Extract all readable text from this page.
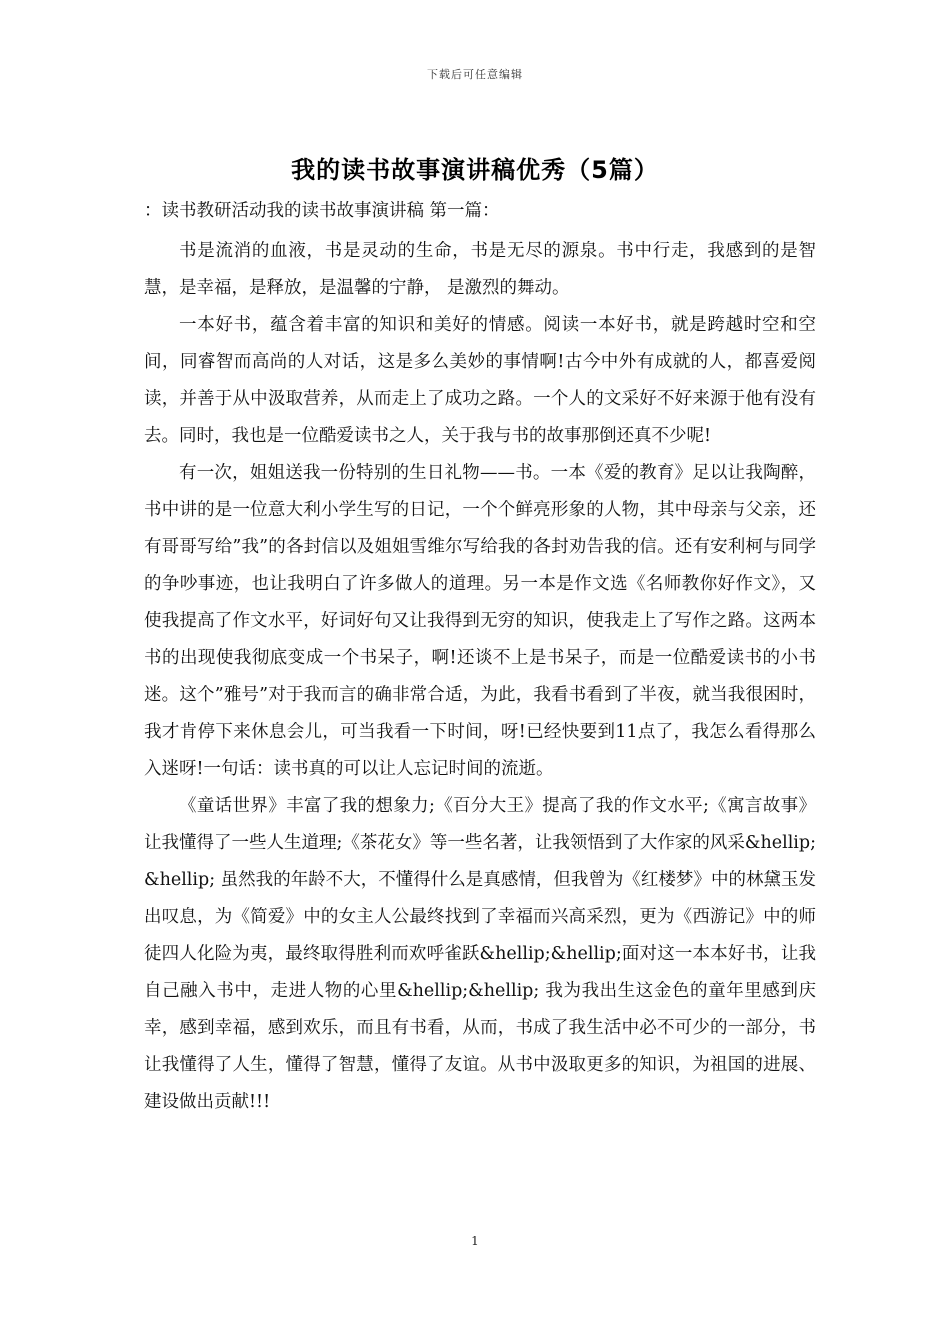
下载后可任意编辑
我的读书故事演讲稿优秀（5篇）

：读书教研活动我的读书故事演讲稿 第一篇：

书是流消的血液，书是灵动的生命，书是无尽的源泉。书中行走，我感到的是智慧，是幸福，是释放，是温馨的宁静， 是激烈的舞动。

一本好书，蕴含着丰富的知识和美好的情感。阅读一本好书，就是跨越时空和空间，同睿智而高尚的人对话，这是多么美妙的事情啊!古今中外有成就的人，都喜爱阅读，并善于从中汲取营养，从而走上了成功之路。一个人的文采好不好来源于他有没有去。同时，我也是一位酷爱读书之人，关于我与书的故事那倒还真不少呢!

有一次，姐姐送我一份特别的生日礼物——书。一本《爱的教育》足以让我陶醉，书中讲的是一位意大利小学生写的日记，一个个鲜亮形象的人物，其中母亲与父亲，还有哥哥写给”我”的各封信以及姐姐雪维尔写给我的各封劝告我的信。还有安利柯与同学的争吵事迹，也让我明白了许多做人的道理。另一本是作文选《名师教你好作文》，又使我提高了作文水平，好词好句又让我得到无穷的知识，使我走上了写作之路。这两本书的出现使我彻底变成一个书呆子，啊!还谈不上是书呆子，而是一位酷爱读书的小书迷。这个”雅号”对于我而言的确非常合适，为此，我看书看到了半夜，就当我很困时，我才肯停下来休息会儿，可当我看一下时间，呀!已经快要到11点了，我怎么看得那么入迷呀!一句话：读书真的可以让人忘记时间的流逝。

《童话世界》丰富了我的想象力;《百分大王》提高了我的作文水平;《寓言故事》让我懂得了一些人生道理;《茶花女》等一些名著，让我领悟到了大作家的风采&hellip;&hellip; 虽然我的年龄不大，不懂得什么是真感情，但我曾为《红楼梦》中的林黛玉发出叹息，为《简爱》中的女主人公最终找到了幸福而兴高采烈，更为《西游记》中的师徒四人化险为夷，最终取得胜利而欢呼雀跃&hellip;&hellip;面对这一本本好书，让我自己融入书中，走进人物的心里&hellip;&hellip; 我为我出生这金色的童年里感到庆幸，感到幸福，感到欢乐，而且有书看，从而，书成了我生活中必不可少的一部分，书让我懂得了人生，懂得了智慧，懂得了友谊。从书中汲取更多的知识，为祖国的进展、建设做出贡献!!!

1
